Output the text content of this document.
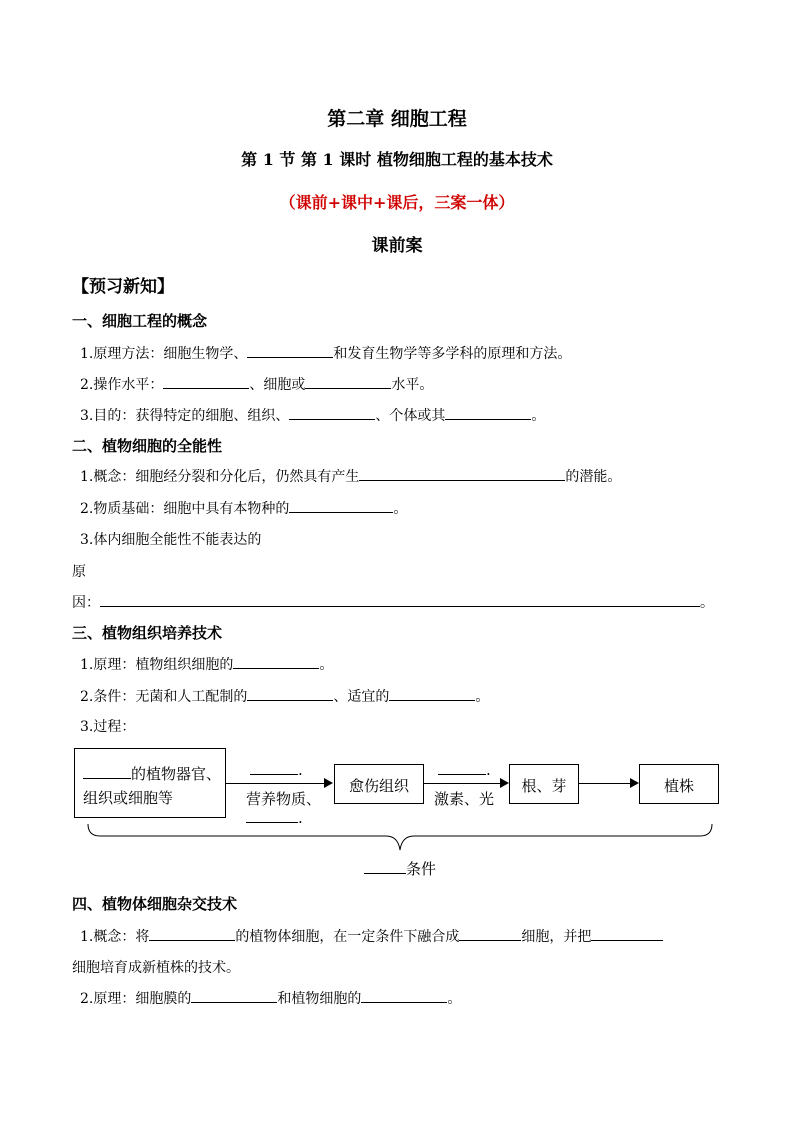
第二章 细胞工程
第 1 节 第 1 课时 植物细胞工程的基本技术
（课前+课中+课后，三案一体）
课前案
【预习新知】
一、细胞工程的概念
1.原理方法：细胞生物学、	和发育生物学等多学科的原理和方法。
2.操作水平：	、细胞或	水平。
3.目的：获得特定的细胞、组织、	、个体或其	。
二、植物细胞的全能性
1.概念：细胞经分裂和分化后，仍然具有产生	的潜能。
2.物质基础：细胞中具有本物种的	。
3.体内细胞全能性不能表达的
原
因：	。
三、植物组织培养技术
1.原理：植物组织细胞的	。
2.条件：无菌和人工配制的	、适宜的	。
3.过程：
的植物器官、
组织或细胞等
.
营养物质、
.
愈伤组织
.
激素、光
根、芽	植株
条件
四、植物体细胞杂交技术
1.概念：将	的植物体细胞，在一定条件下融合成	细胞，并把
细胞培育成新植株的技术。
2.原理：细胞膜的	和植物细胞的	。
